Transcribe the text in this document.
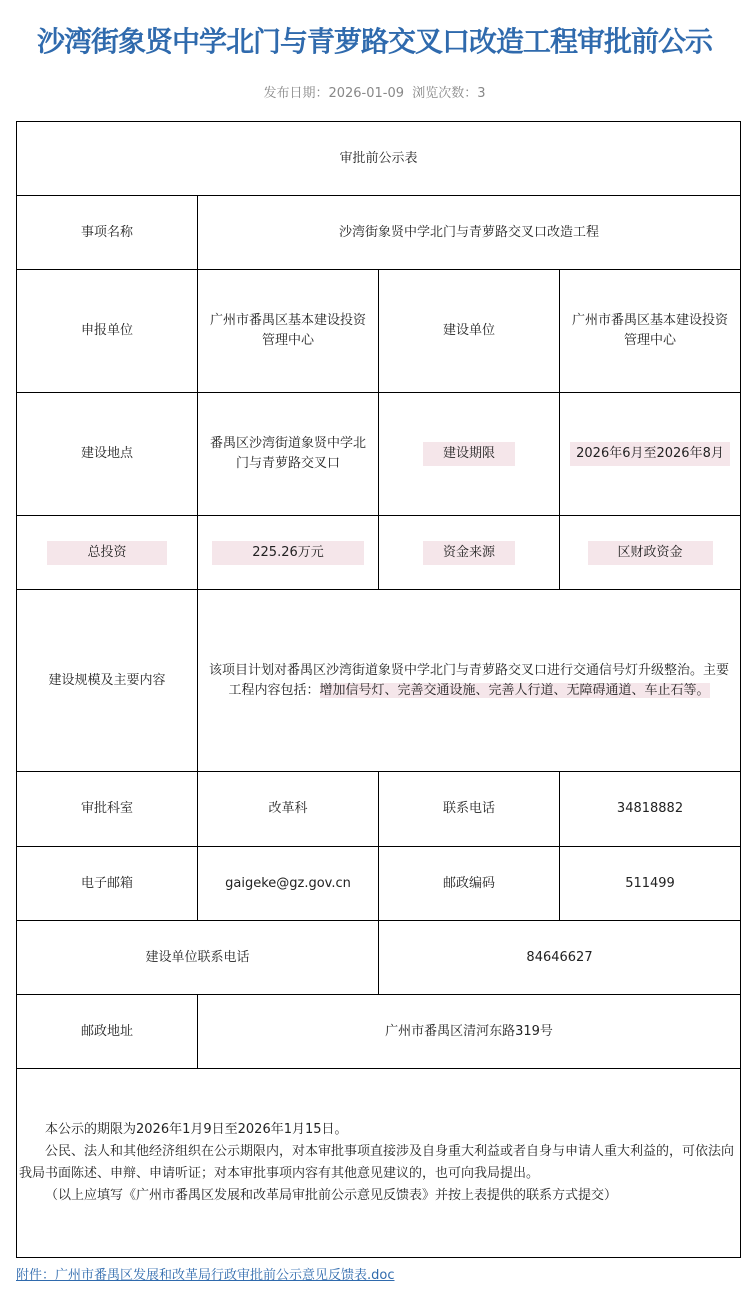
沙湾街象贤中学北门与青萝路交叉口改造工程审批前公示
发布日期：2026-01-09 浏览次数：3
审批前公示表			
事项名称	沙湾街象贤中学北门与青萝路交叉口改造工程		
申报单位	广州市番禺区基本建设投资管理中心	建设单位	广州市番禺区基本建设投资管理中心
建设地点	番禺区沙湾街道象贤中学北门与青萝路交叉口	建设期限	2026年6月至2026年8月
总投资	225.26万元	资金来源	区财政资金
建设规模及主要内容	该项目计划对番禺区沙湾街道象贤中学北门与青萝路交叉口进行交通信号灯升级整治。主要工程内容包括：增加信号灯、完善交通设施、完善人行道、无障碍通道、车止石等。		
审批科室	改革科	联系电话	34818882
电子邮箱	gaigeke@gz.gov.cn	邮政编码	511499
建设单位联系电话		84646627	
邮政地址	广州市番禺区清河东路319号		

本公示的期限为2026年1月9日至2026年1月15日。

公民、法人和其他经济组织在公示期限内，对本审批事项直接涉及自身重大利益或者自身与申请人重大利益的，可依法向我局书面陈述、申辩、申请听证；对本审批事项内容有其他意见建议的，也可向我局提出。

（以上应填写《广州市番禺区发展和改革局审批前公示意见反馈表》并按上表提供的联系方式提交）			

附件：广州市番禺区发展和改革局行政审批前公示意见反馈表.doc
